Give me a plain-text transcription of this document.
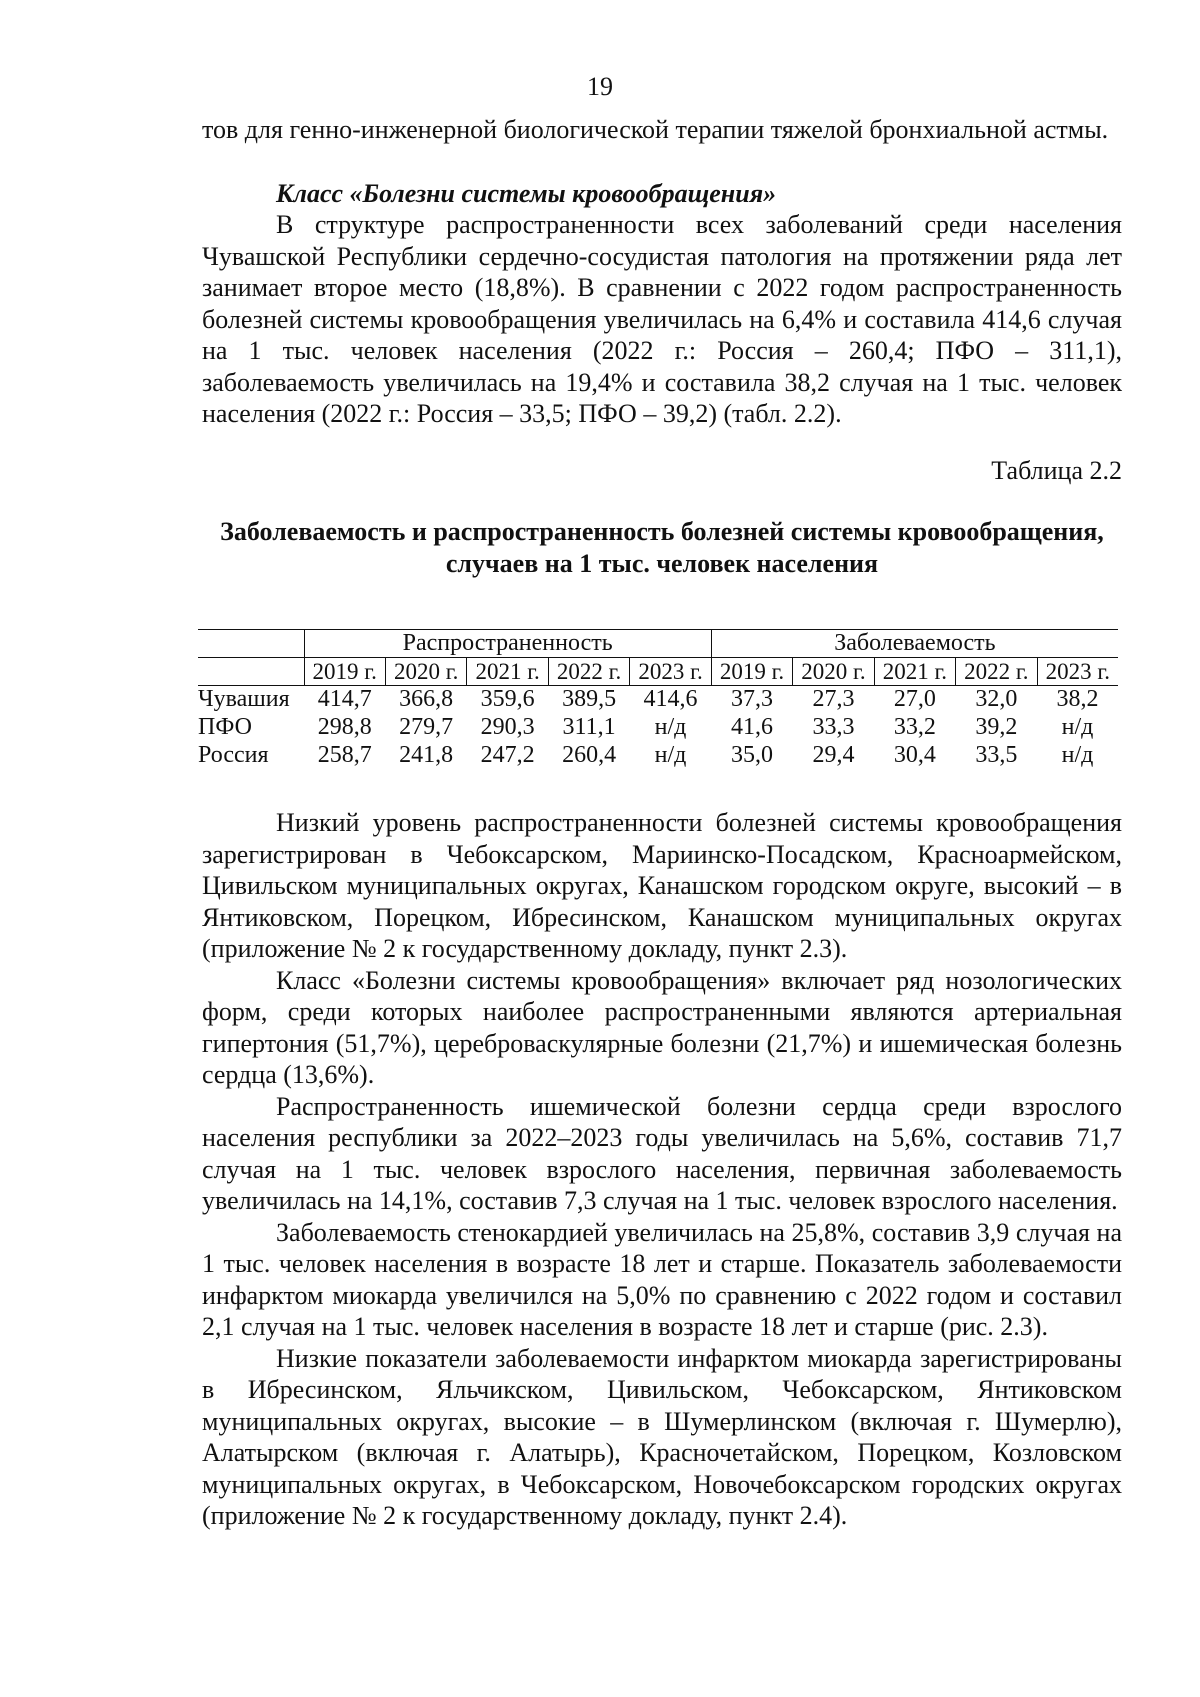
19

тов для генно-инженерной биологической терапии тяжелой бронхиальной астмы.

Класс «Болезни системы кровообращения»

В структуре распространенности всех заболеваний среди населения Чувашской Республики сердечно-сосудистая патология на протяжении ряда лет занимает второе место (18,8%). В сравнении с 2022 годом распространенность болезней системы кровообращения увеличилась на 6,4% и составила 414,6 случая на 1 тыс. человек населения (2022 г.: Россия – 260,4; ПФО – 311,1), заболеваемость увеличилась на 19,4% и составила 38,2 случая на 1 тыс. человек населения (2022 г.: Россия – 33,5; ПФО – 39,2) (табл. 2.2).

Таблица 2.2
Заболеваемость и распространенность болезней системы кровообращения,
случаев на 1 тыс. человек населения
	Распространенность					Заболеваемость				
	2019 г.	2020 г.	2021 г.	2022 г.	2023 г.	2019 г.	2020 г.	2021 г.	2022 г.	2023 г.
Чувашия	414,7	366,8	359,6	389,5	414,6	37,3	27,3	27,0	32,0	38,2
ПФО	298,8	279,7	290,3	311,1	н/д	41,6	33,3	33,2	39,2	н/д
Россия	258,7	241,8	247,2	260,4	н/д	35,0	29,4	30,4	33,5	н/д

Низкий уровень распространенности болезней системы кровообращения зарегистрирован в Чебоксарском, Мариинско-Посадском, Красноармейском, Цивильском муниципальных округах, Канашском городском округе, высокий – в Янтиковском, Порецком, Ибресинском, Канашском муниципальных округах (приложение № 2 к государственному докладу, пункт 2.3).

Класс «Болезни системы кровообращения» включает ряд нозологических форм, среди которых наиболее распространенными являются артериальная гипертония (51,7%), цереброваскулярные болезни (21,7%) и ишемическая болезнь сердца (13,6%).

Распространенность ишемической болезни сердца среди взрослого населения республики за 2022–2023 годы увеличилась на 5,6%, составив 71,7 случая на 1 тыс. человек взрослого населения, первичная заболеваемость увеличилась на 14,1%, составив 7,3 случая на 1 тыс. человек взрослого населения.

Заболеваемость стенокардией увеличилась на 25,8%, составив 3,9 случая на 1 тыс. человек населения в возрасте 18 лет и старше. Показатель заболеваемости инфарктом миокарда увеличился на 5,0% по сравнению с 2022 годом и составил 2,1 случая на 1 тыс. человек населения в возрасте 18 лет и старше (рис. 2.3).

Низкие показатели заболеваемости инфарктом миокарда зарегистрированы в Ибресинском, Яльчикском, Цивильском, Чебоксарском, Янтиковском муниципальных округах, высокие – в Шумерлинском (включая г. Шумерлю), Алатырском (включая г. Алатырь), Красночетайском, Порецком, Козловском муниципальных округах, в Чебоксарском, Новочебоксарском городских округах (приложение № 2 к государственному докладу, пункт 2.4).
